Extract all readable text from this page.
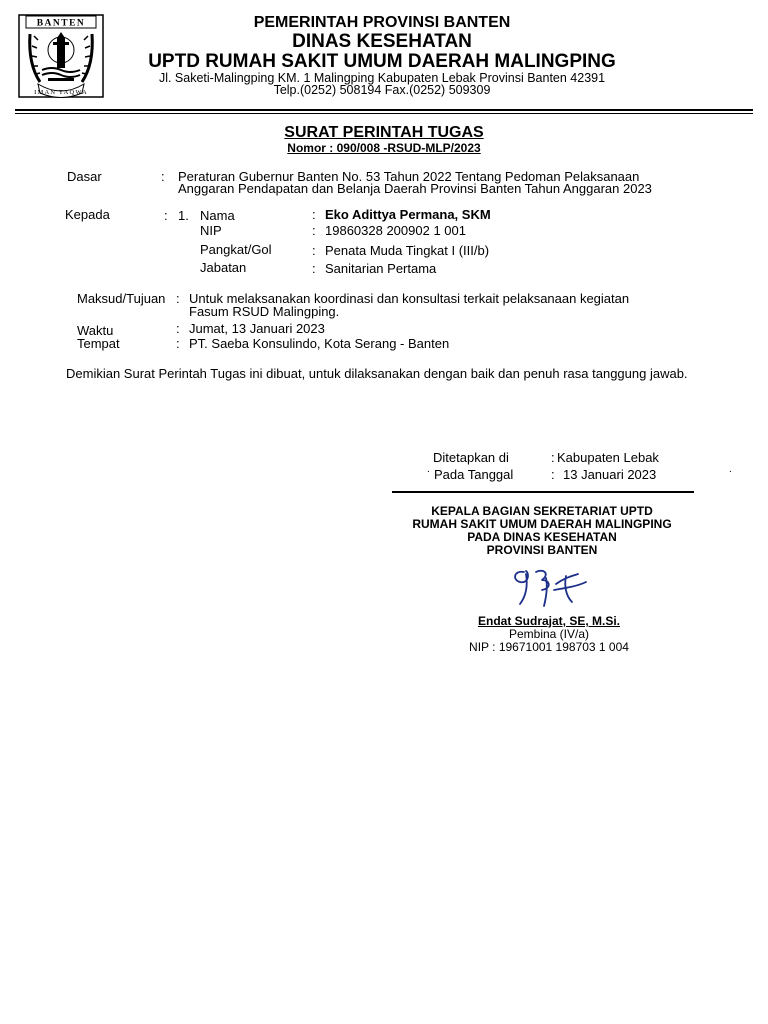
BANTEN
IMAN TAQWA
PEMERINTAH PROVINSI BANTEN
DINAS KESEHATAN
UPTD RUMAH SAKIT UMUM DAERAH MALINGPING
Jl. Saketi-Malingping KM. 1 Malingping Kabupaten Lebak Provinsi Banten 42391
Telp.(0252) 508194 Fax.(0252) 509309
SURAT PERINTAH TUGAS
Nomor : 090/008 -RSUD-MLP/2023
Dasar	: Peraturan Gubernur Banten No. 53 Tahun 2022 Tentang Pedoman Pelaksanaan
Anggaran Pendapatan dan Belanja Daerah Provinsi Banten Tahun Anggaran 2023
Kepada	: 1. Nama	: Eko Adittya Permana, SKM
NIP	: 19860328 200902 1 001
Pangkat/Gol	: Penata Muda Tingkat I (III/b)
Jabatan	: Sanitarian Pertama
Maksud/Tujuan : Untuk melaksanakan koordinasi dan konsultasi terkait pelaksanaan kegiatan
Fasum RSUD Malingping.
Waktu	: Jumat, 13 Januari 2023
Tempat	: PT. Saeba Konsulindo, Kota Serang - Banten
Demikian Surat Perintah Tugas ini dibuat, untuk dilaksanakan dengan baik dan penuh rasa tanggung jawab.
Ditetapkan di	: Kabupaten Lebak
. Pada Tanggal	: 13 Januari 2023	.
KEPALA BAGIAN SEKRETARIAT UPTD
RUMAH SAKIT UMUM DAERAH MALINGPING
PADA DINAS KESEHATAN
PROVINSI BANTEN
Endat Sudrajat, SE, M.Si.
Pembina (IV/a)
NIP : 19671001 198703 1 004
